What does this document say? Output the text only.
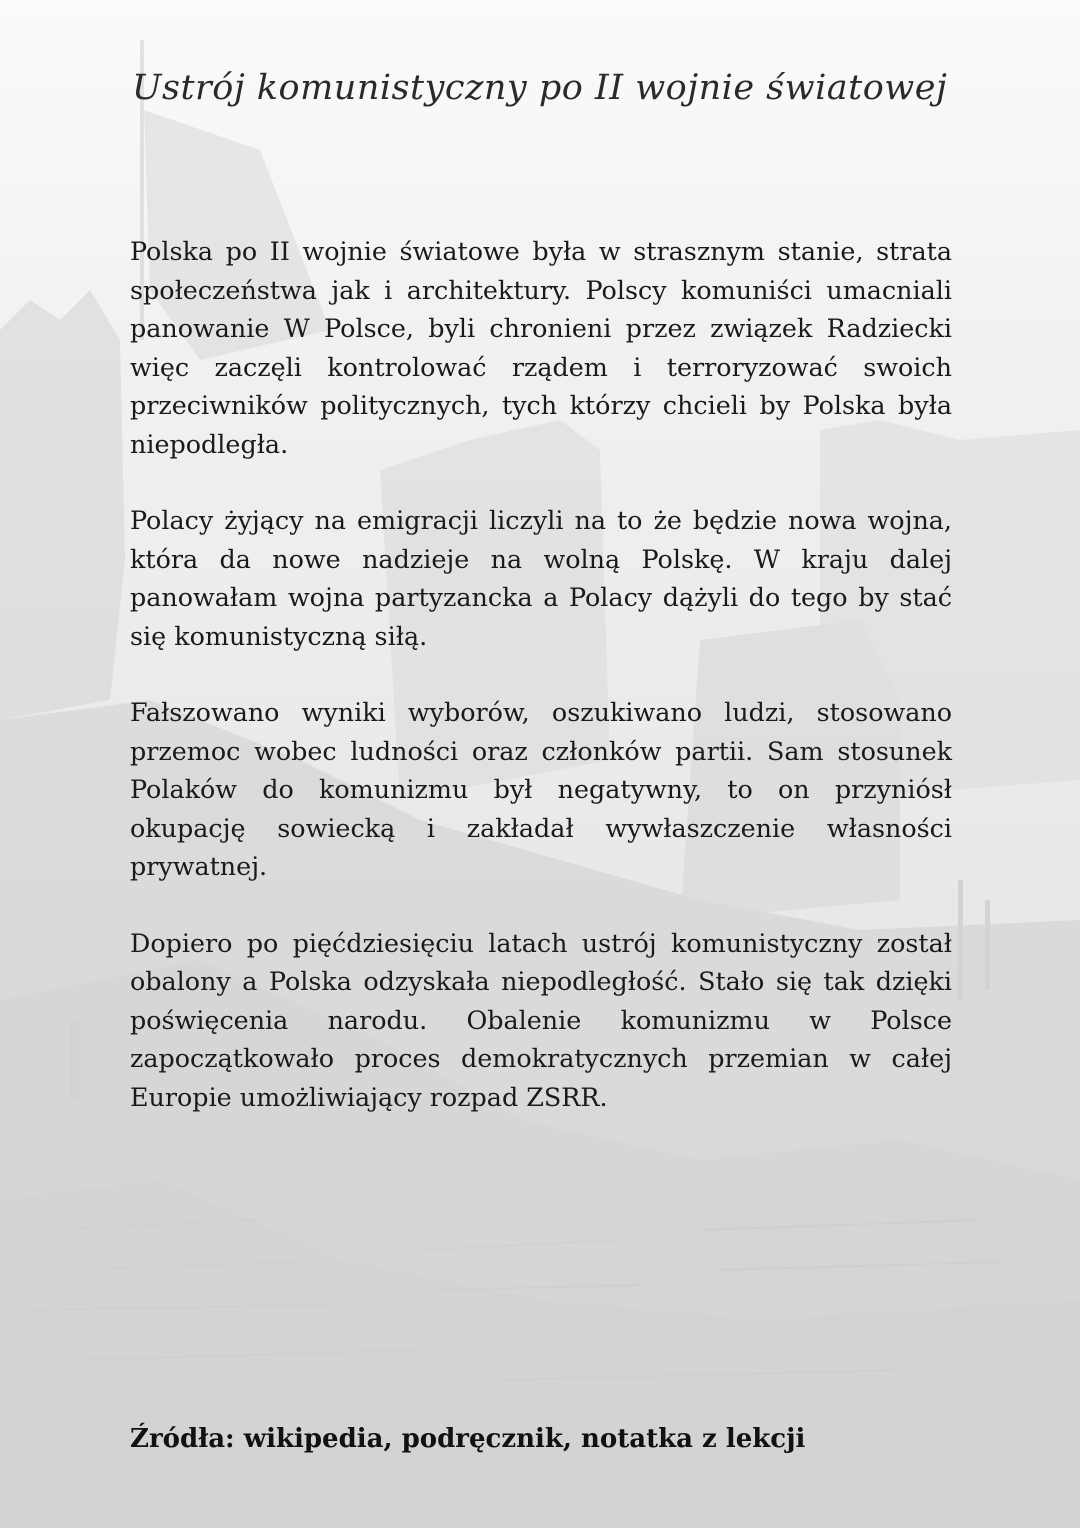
Ustrój komunistyczny po II wojnie światowej

Polska po II wojnie światowe była w strasznym stanie, strata społeczeństwa jak i architektury. Polscy komuniści umacniali panowanie W Polsce, byli chronieni przez związek Radziecki więc zaczęli kontrolować rządem i terroryzować swoich przeciwników politycznych, tych którzy chcieli by Polska była niepodległa.

Polacy żyjący na emigracji liczyli na to że będzie nowa wojna, która da nowe nadzieje na wolną Polskę. W kraju dalej panowałam wojna partyzancka a Polacy dążyli do tego by stać się komunistyczną siłą.

Fałszowano wyniki wyborów, oszukiwano ludzi, stosowano przemoc wobec ludności oraz członków partii. Sam stosunek Polaków do komunizmu był negatywny, to on przyniósł okupację sowiecką i zakładał wywłaszczenie własności prywatnej.

Dopiero po pięćdziesięciu latach ustrój komunistyczny został obalony a Polska odzyskała niepodległość. Stało się tak dzięki poświęcenia narodu. Obalenie komunizmu w Polsce zapoczątkowało proces demokratycznych przemian w całej Europie umożliwiający rozpad ZSRR.

Źródła: wikipedia, podręcznik, notatka z lekcji
